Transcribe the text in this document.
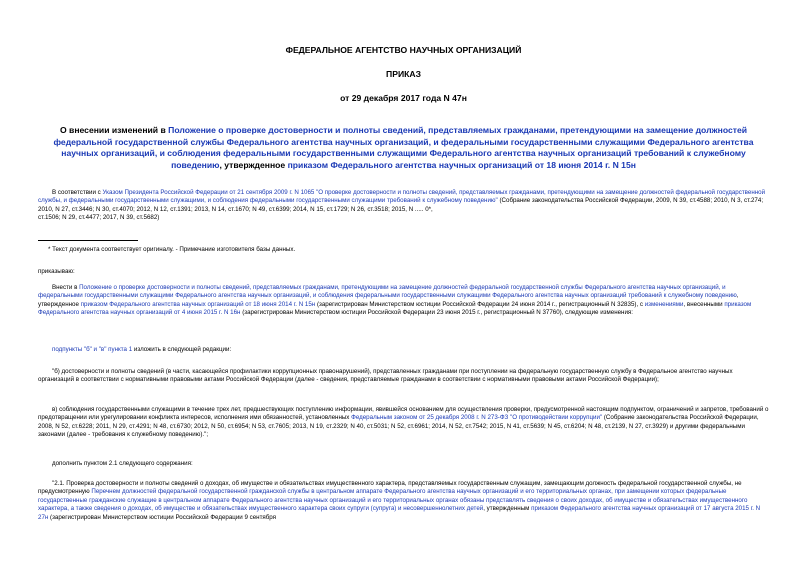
ФЕДЕРАЛЬНОЕ АГЕНТСТВО НАУЧНЫХ ОРГАНИЗАЦИЙ
ПРИКАЗ
от 29 декабря 2017 года N 47н
О внесении изменений в Положение о проверке достоверности и полноты сведений, представляемых гражданами, претендующими на замещение должностей федеральной государственной службы Федерального агентства научных организаций, и федеральными государственными служащими Федерального агентства научных организаций, и соблюдения федеральными государственными служащими Федерального агентства научных организаций требований к служебному поведению, утвержденное приказом Федерального агентства научных организаций от 18 июня 2014 г. N 15н

В соответствии с Указом Президента Российской Федерации от 21 сентября 2009 г. N 1065 "О проверке достоверности и полноты сведений, представляемых гражданами, претендующими на замещение должностей федеральной государственной службы, и федеральными государственными служащими, и соблюдения федеральными государственными служащими требований к служебному поведению" (Собрание законодательства Российской Федерации, 2009, N 39, ст.4588; 2010, N 3, ст.274; 2010, N 27, ст.3446; N 30, ст.4070; 2012, N 12, ст.1391; 2013, N 14, ст.1670; N 49, ст.6399; 2014, N 15, ст.1729; N 26, ст.3518; 2015, N ..... 0*,

ст.1506; N 29, ст.4477; 2017, N 39, ст.5682)

* Текст документа соответствует оригиналу. - Примечание изготовителя базы данных.
приказываю:

Внести в Положение о проверке достоверности и полноты сведений, представляемых гражданами, претендующими на замещение должностей федеральной государственной службы Федерального агентства научных организаций, и федеральными государственными служащими Федерального агентства научных организаций, и соблюдения федеральными государственными служащими Федерального агентства научных организаций требований к служебному поведению, утвержденное приказом Федерального агентства научных организаций от 18 июня 2014 г. N 15н (зарегистрирован Министерством юстиции Российской Федерации 24 июня 2014 г., регистрационный N 32835), с изменениями, внесенными приказом Федерального агентства научных организаций от 4 июня 2015 г. N 16н (зарегистрирован Министерством юстиции Российской Федерации 23 июня 2015 г., регистрационный N 37760), следующие изменения:

подпункты "б" и "в" пункта 1 изложить в следующей редакции:

"б) достоверности и полноты сведений (в части, касающейся профилактики коррупционных правонарушений), представленных гражданами при поступлении на федеральную государственную службу в Федеральное агентство научных организаций в соответствии с нормативными правовыми актами Российской Федерации (далее - сведения, представляемые гражданами в соответствии с нормативными правовыми актами Российской Федерации);

в) соблюдения государственными служащими в течение трех лет, предшествующих поступлению информации, явившейся основанием для осуществления проверки, предусмотренной настоящим подпунктом, ограничений и запретов, требований о предотвращении или урегулировании конфликта интересов, исполнения ими обязанностей, установленных Федеральным законом от 25 декабря 2008 г. N 273-ФЗ "О противодействии коррупции" (Собрание законодательства Российской Федерации, 2008, N 52, ст.6228; 2011, N 29, ст.4291; N 48, ст.6730; 2012, N 50, ст.6954; N 53, ст.7605; 2013, N 19, ст.2329; N 40, ст.5031; N 52, ст.6961; 2014, N 52, ст.7542; 2015, N 41, ст.5639; N 45, ст.6204; N 48, ст.2139, N 27, ст.3929) и другими федеральными законами (далее - требования к служебному поведению).";

дополнить пунктом 2.1 следующего содержания:

"2.1. Проверка достоверности и полноты сведений о доходах, об имуществе и обязательствах имущественного характера, представляемых государственным служащим, замещающим должность федеральной государственной службы, не предусмотренную Перечнем должностей федеральной государственной гражданской службы в центральном аппарате Федерального агентства научных организаций и его территориальных органах, при замещении которых федеральные государственные гражданские служащие в центральном аппарате Федерального агентства научных организаций и его территориальных органах обязаны представлять сведения о своих доходах, об имуществе и обязательствах имущественного характера, а также сведения о доходах, об имуществе и обязательствах имущественного характера своих супруги (супруга) и несовершеннолетних детей, утвержденным приказом Федерального агентства научных организаций от 17 августа 2015 г. N 27н (зарегистрирован Министерством юстиции Российской Федерации 9 сентября
